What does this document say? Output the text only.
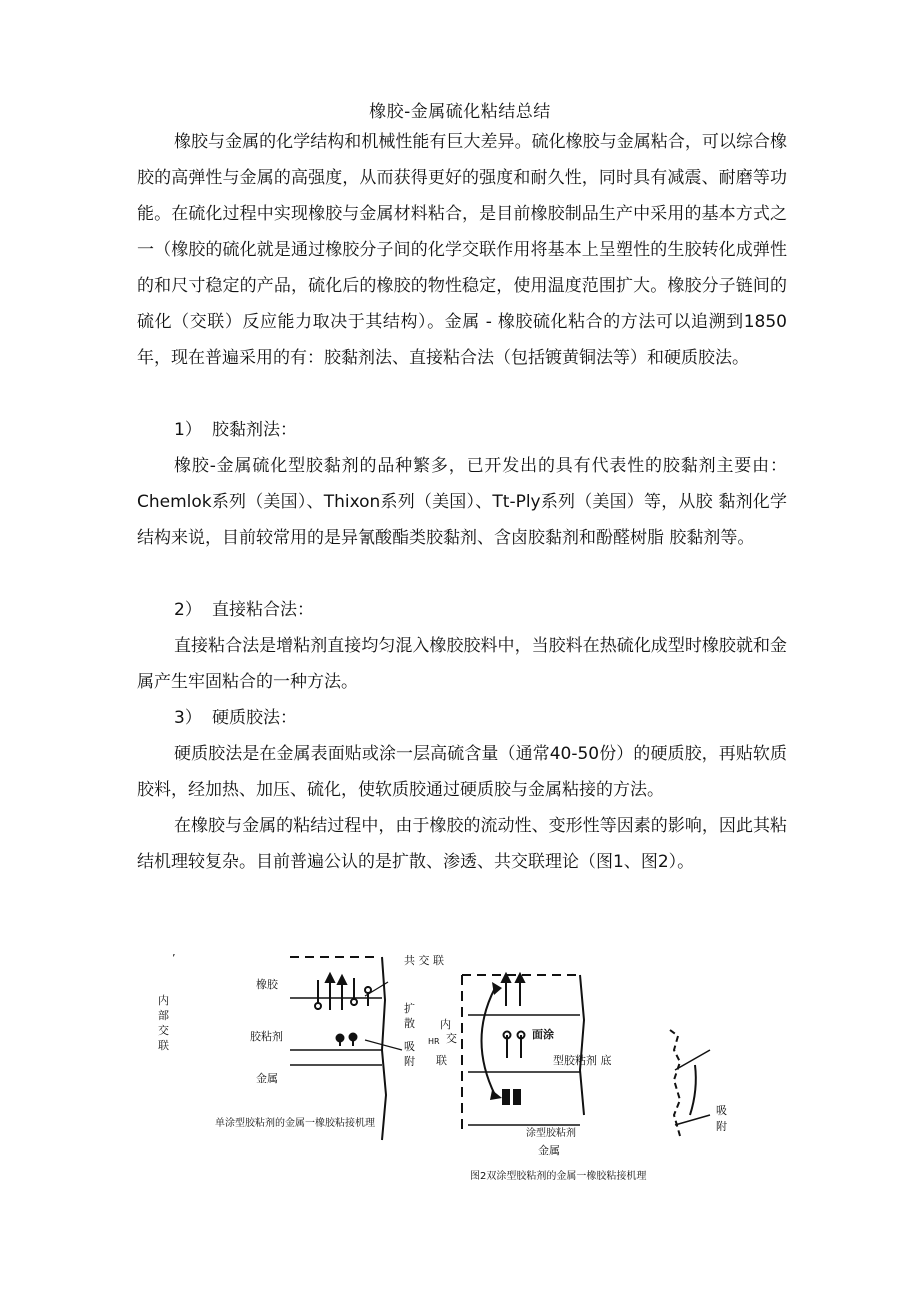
橡胶-金属硫化粘结总结

橡胶与金属的化学结构和机械性能有巨大差异。硫化橡胶与金属粘合，可以综合橡胶的高弹性与金属的高强度，从而获得更好的强度和耐久性，同时具有减震、耐磨等功能。在硫化过程中实现橡胶与金属材料粘合，是目前橡胶制品生产中采用的基本方式之一（橡胶的硫化就是通过橡胶分子间的化学交联作用将基本上呈塑性的生胶转化成弹性的和尺寸稳定的产品，硫化后的橡胶的物性稳定，使用温度范围扩大。橡胶分子链间的硫化（交联）反应能力取决于其结构）。金属 - 橡胶硫化粘合的方法可以追溯到1850年，现在普遍采用的有：胶黏剂法、直接粘合法（包括镀黄铜法等）和硬质胶法。

1） 胶黏剂法：

橡胶-金属硫化型胶黏剂的品种繁多，已开发出的具有代表性的胶黏剂主要由：Chemlok系列（美国）、Thixon系列（美国）、Tt-Ply系列（美国）等，从胶 黏剂化学结构来说，目前较常用的是异氰酸酯类胶黏剂、含卤胶黏剂和酚醛树脂 胶黏剂等。

2） 直接粘合法：

直接粘合法是增粘剂直接均匀混入橡胶胶料中，当胶料在热硫化成型时橡胶就和金属产生牢固粘合的一种方法。

3） 硬质胶法：

硬质胶法是在金属表面贴或涂一层高硫含量（通常40-50份）的硬质胶，再贴软质胶料，经加热、加压、硫化，使软质胶通过硬质胶与金属粘接的方法。

在橡胶与金属的粘结过程中，由于橡胶的流动性、变形性等因素的影响，因此其粘结机理较复杂。目前普遍公认的是扩散、渗透、共交联理论（图1、图2）。

’
内
部
交
联
橡胶
胶粘剂
金属
共 交 联
扩
散
吸
附
单涂型胶粘剂的金属一橡胶粘接机理
内
HR 交
联
面涂
型胶粘剂 底
涂型胶粘剂
金属
图2双涂型胶粘剂的金属一橡胶粘接机理
吸
附
